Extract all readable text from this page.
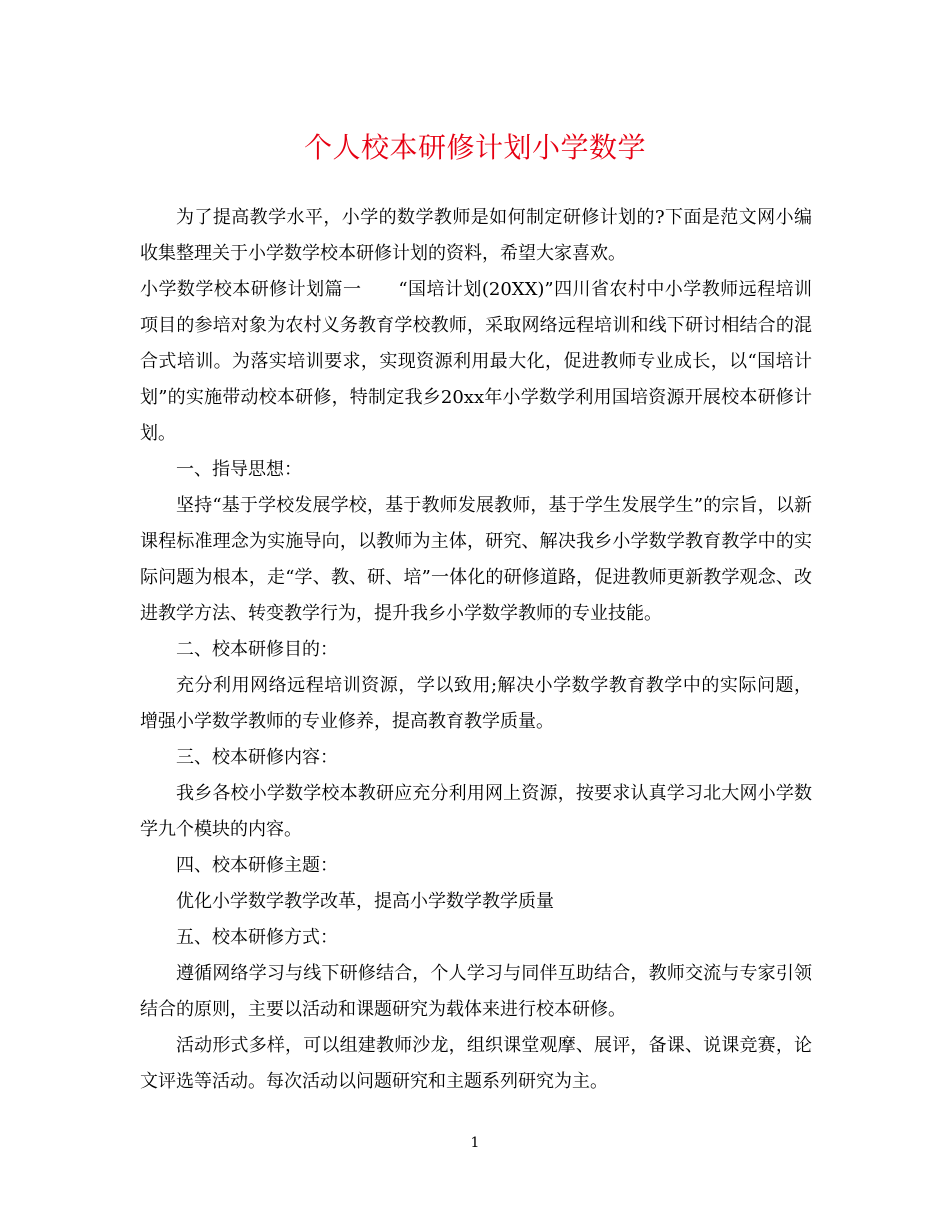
个人校本研修计划小学数学

为了提高教学水平，小学的数学教师是如何制定研修计划的?下面是范文网小编收集整理关于小学数学校本研修计划的资料，希望大家喜欢。

小学数学校本研修计划篇一　　“国培计划(20XX)”四川省农村中小学教师远程培训项目的参培对象为农村义务教育学校教师，采取网络远程培训和线下研讨相结合的混合式培训。为落实培训要求，实现资源利用最大化，促进教师专业成长，以“国培计划”的实施带动校本研修，特制定我乡20xx年小学数学利用国培资源开展校本研修计划。

一、指导思想：

坚持“基于学校发展学校，基于教师发展教师，基于学生发展学生”的宗旨，以新课程标准理念为实施导向，以教师为主体，研究、解决我乡小学数学教育教学中的实际问题为根本，走“学、教、研、培”一体化的研修道路，促进教师更新教学观念、改进教学方法、转变教学行为，提升我乡小学数学教师的专业技能。

二、校本研修目的：

充分利用网络远程培训资源，学以致用;解决小学数学教育教学中的实际问题，增强小学数学教师的专业修养，提高教育教学质量。

三、校本研修内容：

我乡各校小学数学校本教研应充分利用网上资源，按要求认真学习北大网小学数学九个模块的内容。

四、校本研修主题：

优化小学数学教学改革，提高小学数学教学质量

五、校本研修方式：

遵循网络学习与线下研修结合，个人学习与同伴互助结合，教师交流与专家引领结合的原则，主要以活动和课题研究为载体来进行校本研修。

活动形式多样，可以组建教师沙龙，组织课堂观摩、展评，备课、说课竞赛，论文评选等活动。每次活动以问题研究和主题系列研究为主。

1
